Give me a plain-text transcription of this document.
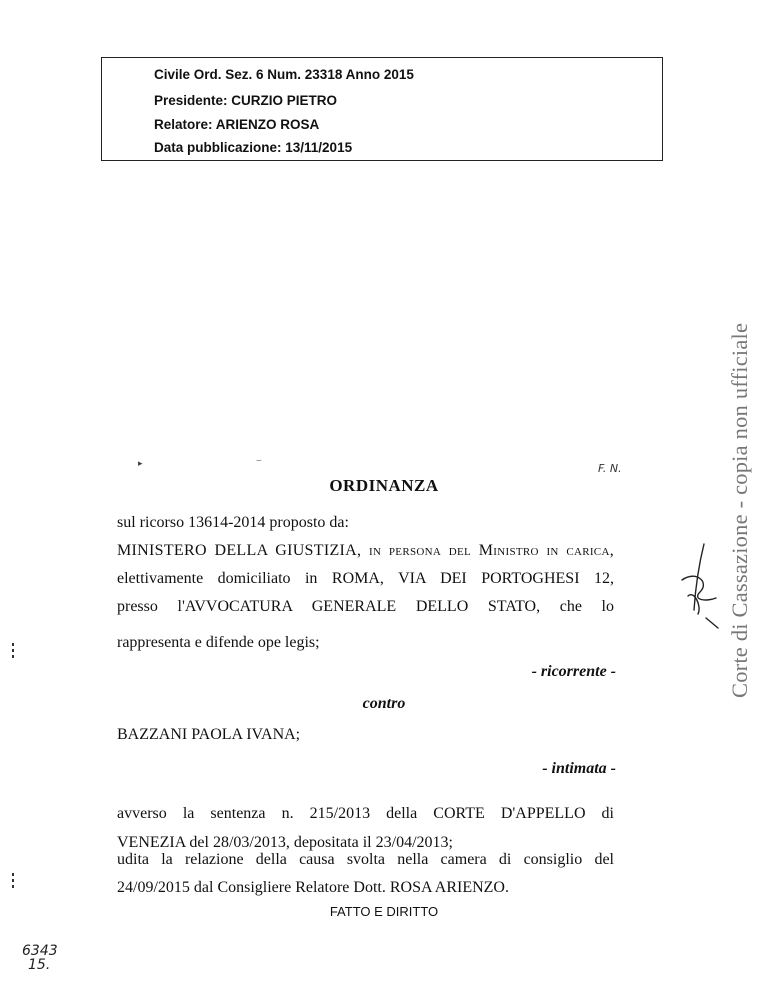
Civile Ord. Sez. 6 Num. 23318 Anno 2015
Presidente: CURZIO PIETRO
Relatore: ARIENZO ROSA
Data pubblicazione: 13/11/2015
Corte di Cassazione - copia non ufficiale
▸	⌣
F. N.
ORDINANZA
sul ricorso 13614-2014 proposto da:
MINISTERO DELLA GIUSTIZIA, in persona del Ministro in carica,
elettivamente domiciliato in ROMA, VIA DEI PORTOGHESI 12,
presso l'AVVOCATURA GENERALE DELLO STATO, che lo
rappresenta e difende ope legis;
- ricorrente -
contro
BAZZANI PAOLA IVANA;
- intimata -
avverso la sentenza n. 215/2013 della CORTE D'APPELLO di
VENEZIA del 28/03/2013, depositata il 23/04/2013;
udita la relazione della causa svolta nella camera di consiglio del
24/09/2015 dal Consigliere Relatore Dott. ROSA ARIENZO.
FATTO E DIRITTO
6343
15.
